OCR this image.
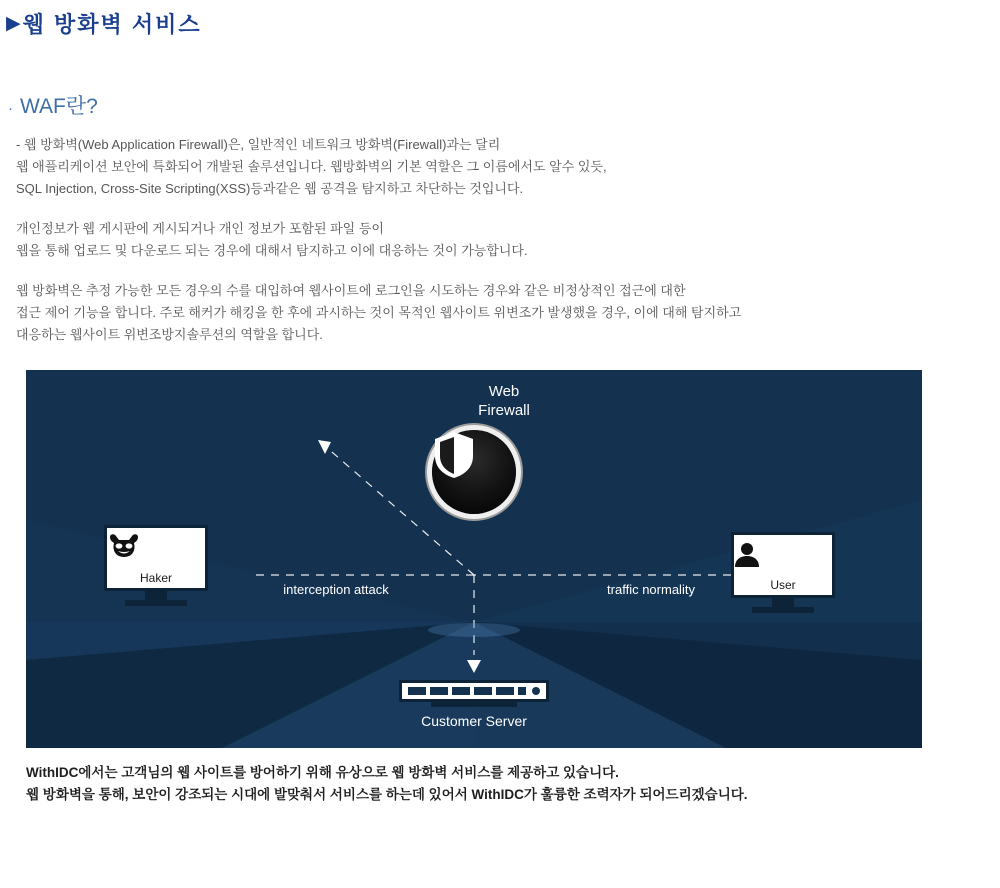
▶ 웹 방화벽 서비스
· WAF란?

- 웹 방화벽(Web Application Firewall)은, 일반적인 네트워크 방화벽(Firewall)과는 달리

웹 애플리케이션 보안에 특화되어 개발된 솔루션입니다. 웹방화벽의 기본 역할은 그 이름에서도 알수 있듯,

SQL Injection, Cross-Site Scripting(XSS)등과같은 웹 공격을 탐지하고 차단하는 것입니다.

개인정보가 웹 게시판에 게시되거나 개인 정보가 포함된 파일 등이

웹을 통해 업로드 및 다운로드 되는 경우에 대해서 탐지하고 이에 대응하는 것이 가능합니다.

웹 방화벽은 추정 가능한 모든 경우의 수를 대입하여 웹사이트에 로그인을 시도하는 경우와 같은 비정상적인 접근에 대한

접근 제어 기능을 합니다. 주로 해커가 해킹을 한 후에 과시하는 것이 목적인 웹사이트 위변조가 발생했을 경우, 이에 대해 탐지하고

대응하는 웹사이트 위변조방지솔루션의 역할을 합니다.

Web
Firewall
Haker	User
Customer Server
interception attack	traffic normality

WithIDC에서는 고객님의 웹 사이트를 방어하기 위해 유상으로 웹 방화벽 서비스를 제공하고 있습니다.

웹 방화벽을 통해, 보안이 강조되는 시대에 발맞춰서 서비스를 하는데 있어서 WithIDC가 훌륭한 조력자가 되어드리겠습니다.
